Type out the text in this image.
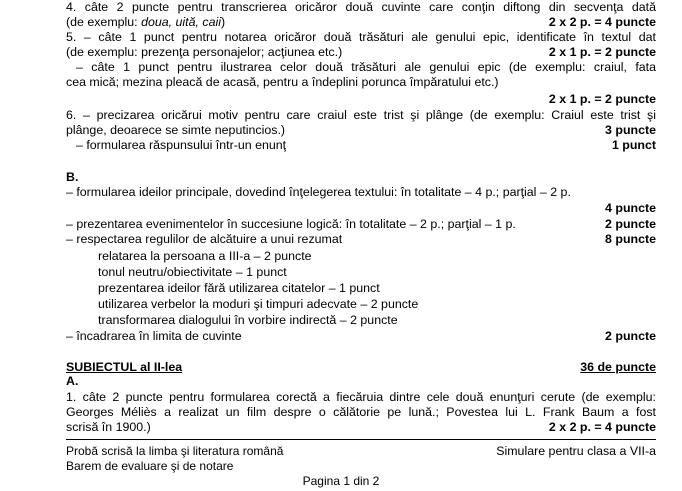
4. câte 2 puncte pentru transcrierea oricăror două cuvinte care conţin diftong din secvenţa dată
(de exemplu: doua, uită, caii)	2 x 2 p. = 4 puncte
5. – câte 1 punct pentru notarea oricăror două trăsături ale genului epic, identificate în textul dat
(de exemplu: prezenţa personajelor; acţiunea etc.)	2 x 1 p. = 2 puncte
– câte 1 punct pentru ilustrarea celor două trăsături ale genului epic (de exemplu: craiul, fata
cea mică; mezina pleacă de acasă, pentru a îndeplini porunca împăratului etc.)
2 x 1 p. = 2 puncte
6. – precizarea oricărui motiv pentru care craiul este trist şi plânge (de exemplu: Craiul este trist şi
plânge, deoarece se simte neputincios.)	3 puncte
– formularea răspunsului într-un enunţ	1 punct
B.
– formularea ideilor principale, dovedind înţelegerea textului: în totalitate – 4 p.; parţial – 2 p.
4 puncte
– prezentarea evenimentelor în succesiune logică: în totalitate – 2 p.; parţial – 1 p.	2 puncte
– respectarea regulilor de alcătuire a unui rezumat	8 puncte
relatarea la persoana a III-a – 2 puncte
tonul neutru/obiectivitate – 1 punct
prezentarea ideilor fără utilizarea citatelor – 1 punct
utilizarea verbelor la moduri şi timpuri adecvate – 2 puncte
transformarea dialogului în vorbire indirectă – 2 puncte
– încadrarea în limita de cuvinte	2 puncte
SUBIECTUL al II-lea	36 de puncte
A.
1. câte 2 puncte pentru formularea corectă a fiecăruia dintre cele două enunţuri cerute (de exemplu:
Georges Méliès a realizat un film despre o călătorie pe lună.; Povestea lui L. Frank Baum a fost
scrisă în 1900.)	2 x 2 p. = 4 puncte
Probă scrisă la limba şi literatura română
Barem de evaluare şi de notare
Simulare pentru clasa a VII-a
Pagina 1 din 2
